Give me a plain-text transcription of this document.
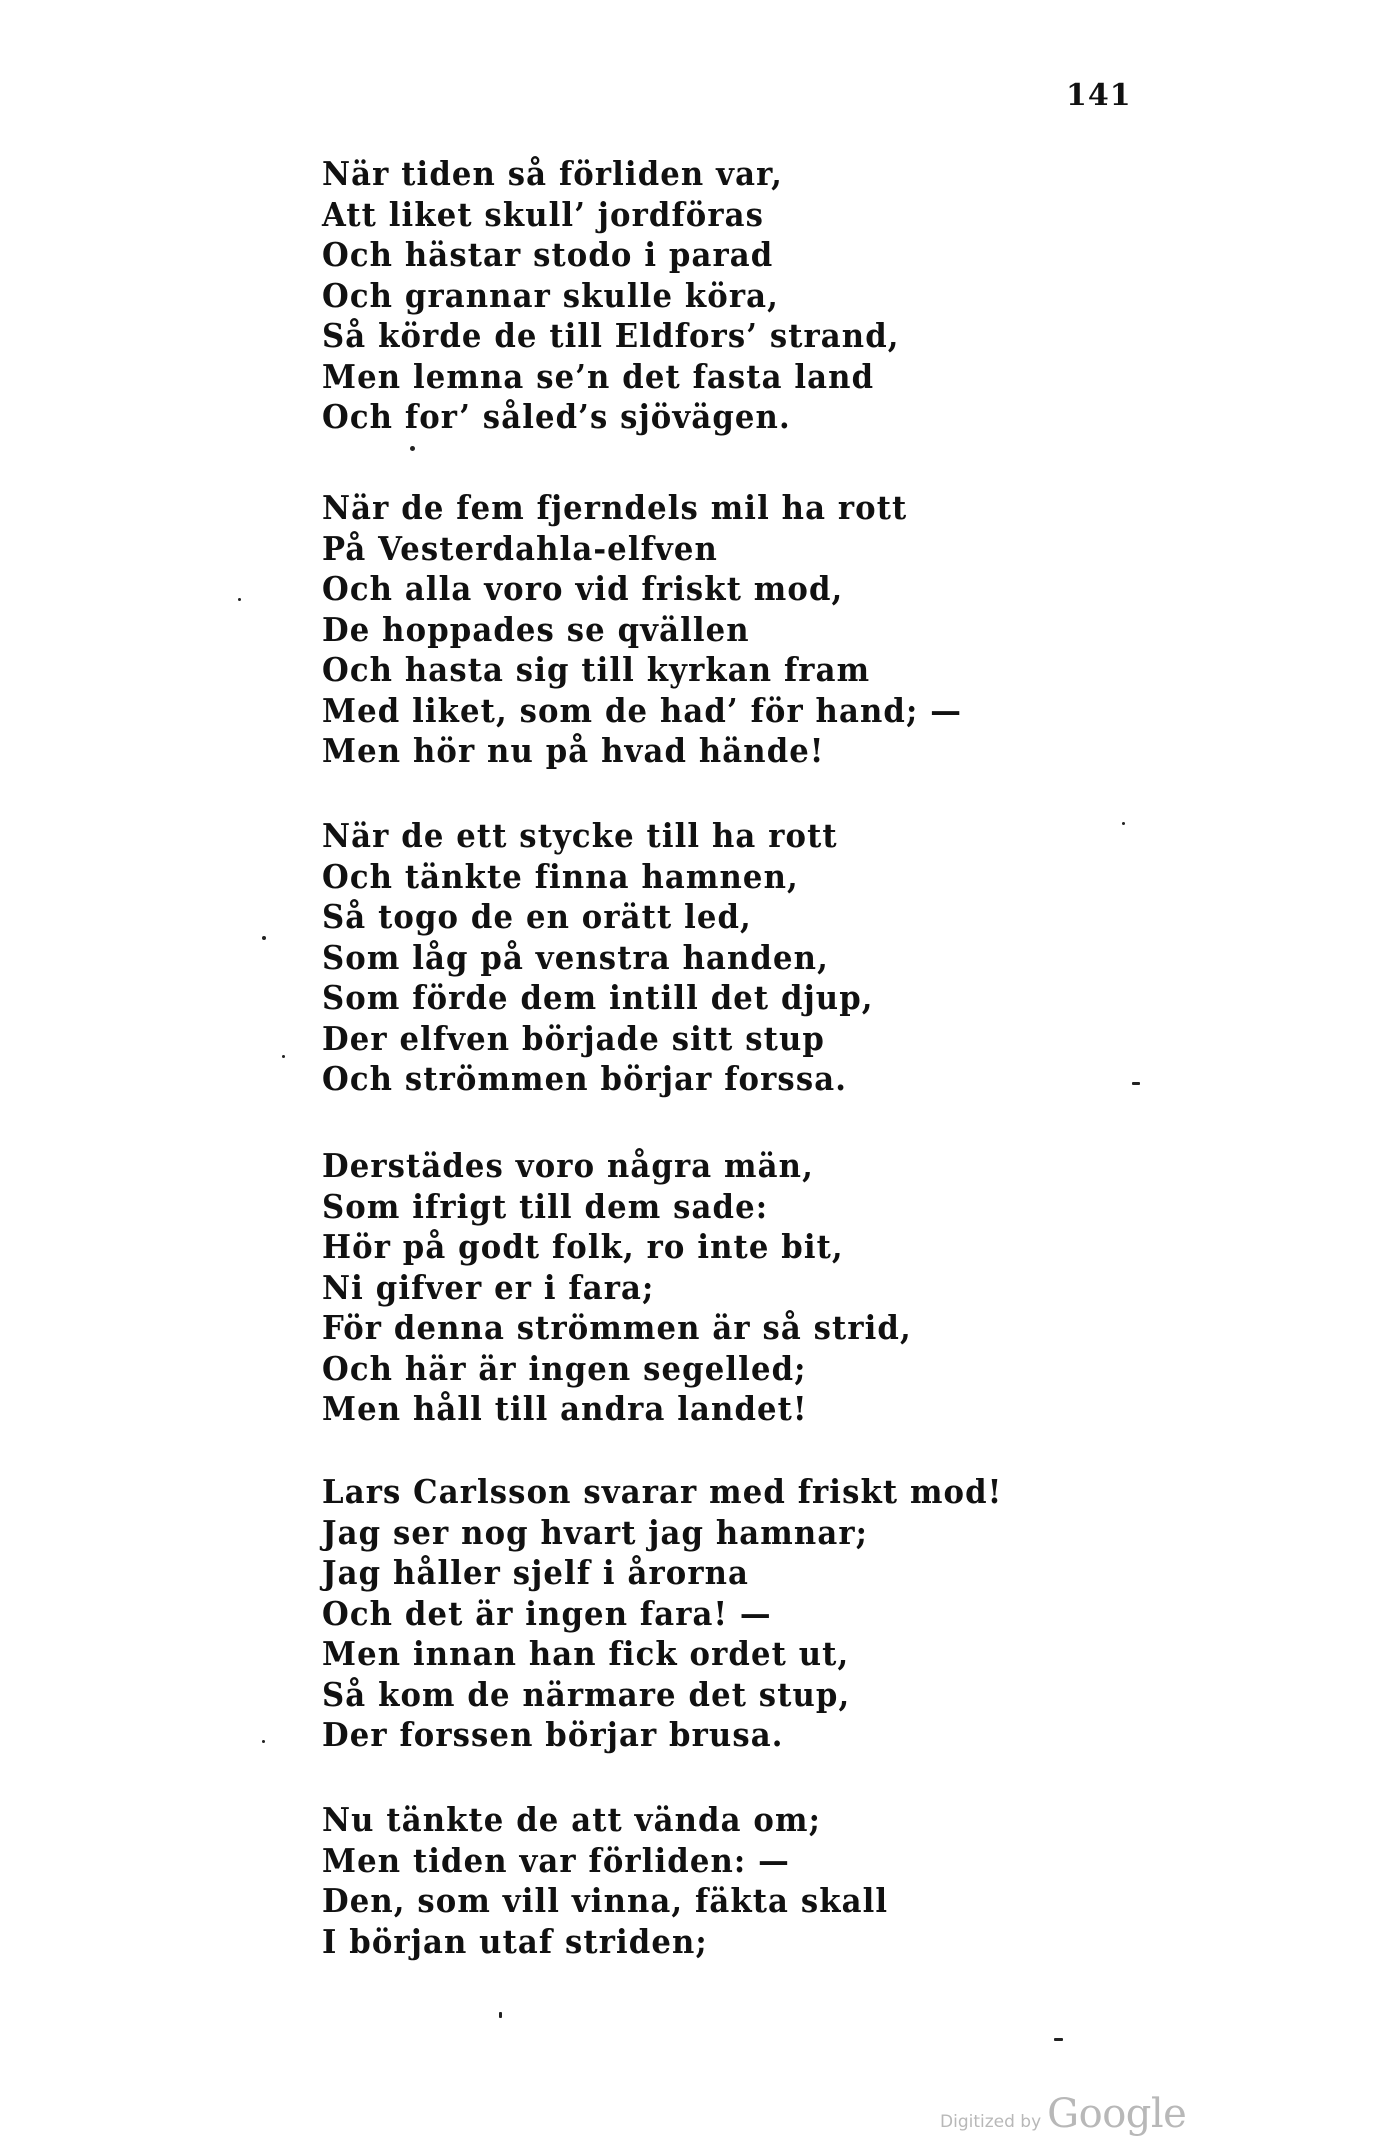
141
När tiden så förliden var,
Att liket skull’ jordföras
Och hästar stodo i parad
Och grannar skulle köra,
Så körde de till Eldfors’ strand,
Men lemna se’n det fasta land
Och for’ såled’s sjövägen.
När de fem fjerndels mil ha rott
På Vesterdahla-elfven
Och alla voro vid friskt mod,
De hoppades se qvällen
Och hasta sig till kyrkan fram
Med liket, som de had’ för hand; —
Men hör nu på hvad hände!
När de ett stycke till ha rott
Och tänkte finna hamnen,
Så togo de en orätt led,
Som låg på venstra handen,
Som förde dem intill det djup,
Der elfven började sitt stup
Och strömmen börjar forssa.
Derstädes voro några män,
Som ifrigt till dem sade:
Hör på godt folk, ro inte bit,
Ni gifver er i fara;
För denna strömmen är så strid,
Och här är ingen segelled;
Men håll till andra landet!
Lars Carlsson svarar med friskt mod!
Jag ser nog hvart jag hamnar;
Jag håller sjelf i årorna
Och det är ingen fara! —
Men innan han fick ordet ut,
Så kom de närmare det stup,
Der forssen börjar brusa.
Nu tänkte de att vända om;
Men tiden var förliden: —
Den, som vill vinna, fäkta skall
I början utaf striden;
Digitized by Google
